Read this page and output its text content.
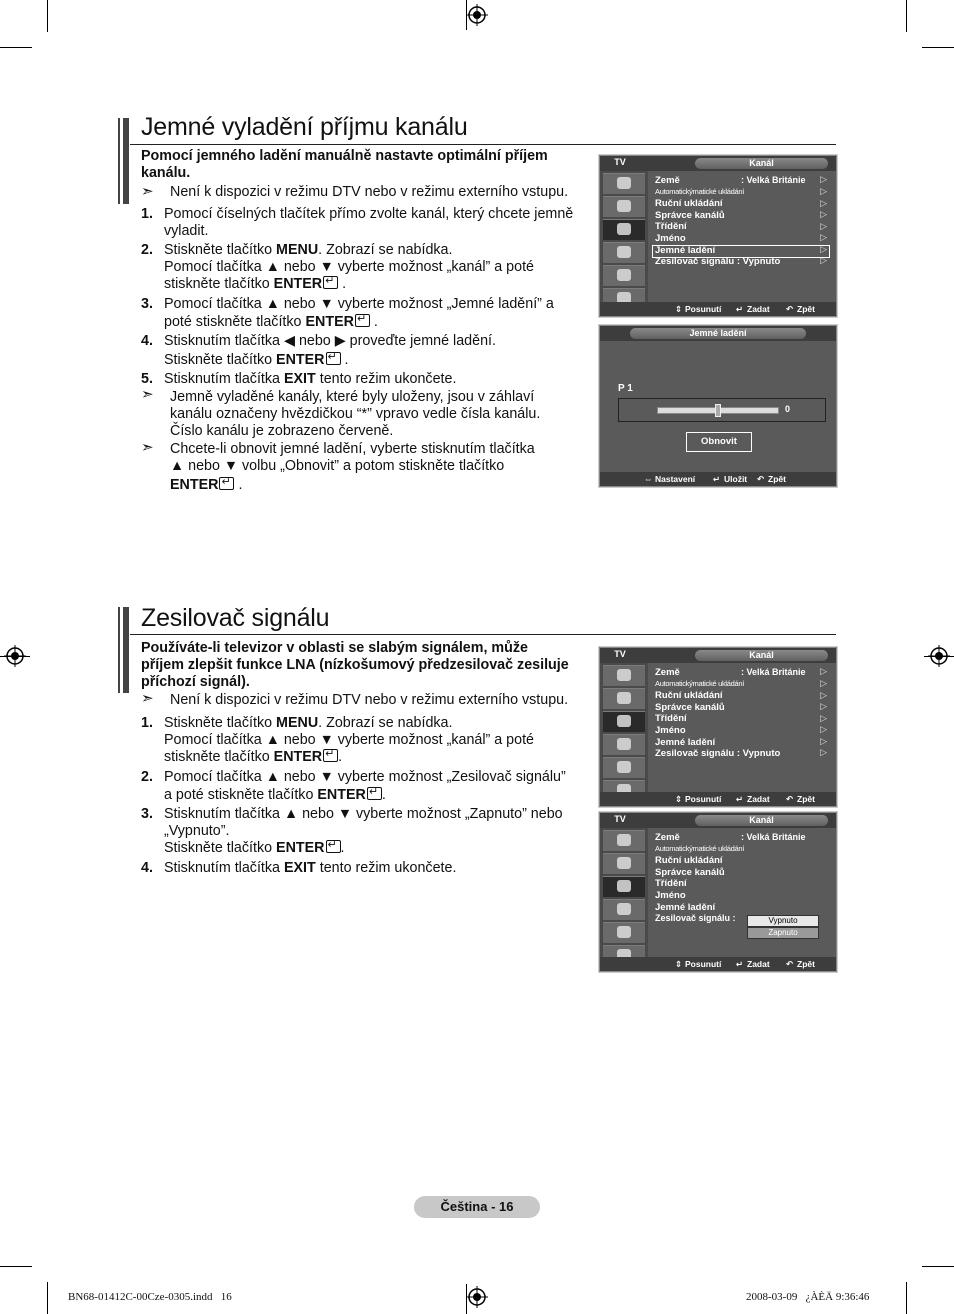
Jemné vyladění příjmu kanálu
Pomocí jemného ladění manuálně nastavte optimální příjem kanálu.
➣	Není k dispozici v režimu DTV nebo v režimu externího vstupu.
1. Pomocí číselných tlačítek přímo zvolte kanál, který chcete jemně
vyladit.
2. Stiskněte tlačítko MENU. Zobrazí se nabídka.
Pomocí tlačítka ▲ nebo ▼ vyberte možnost „kanál” a poté
stiskněte tlačítko ENTER↵ .
3. Pomocí tlačítka ▲ nebo ▼ vyberte možnost „Jemné ladění” a
poté stiskněte tlačítko ENTER↵ .
4. Stisknutím tlačítka ◀ nebo ▶ proveďte jemné ladění.
Stiskněte tlačítko ENTER↵ .
5. Stisknutím tlačítka EXIT tento režim ukončete.
➣	Jemně vyladěné kanály, které byly uloženy, jsou v záhlaví
kanálu označeny hvězdičkou “*” vpravo vedle čísla kanálu.
Číslo kanálu je zobrazeno červeně.
➣	Chcete-li obnovit jemné ladění, vyberte stisknutím tlačítka
▲ nebo ▼ volbu „Obnovit” a potom stiskněte tlačítko
ENTER↵ .
TV	Kanál
Země	: Velká Británie
Automatickýmatické ukládání
Ruční ukládání
Správce kanálů
Třídění
Jméno
Jemné ladění
Zesilovač signálu : Vypnuto
▷
▷
▷
▷
▷
▷
▷
▷
⇕ Posunutí ↵ Zadat ↶ Zpět
Jemné ladění
P 1
0
Obnovit
⇔ Nastavení ↵ Uložit ↶ Zpět
Zesilovač signálu
Používáte-li televizor v oblasti se slabým signálem, může
příjem zlepšit funkce LNA (nízkošumový předzesilovač zesiluje
příchozí signál).
➣	Není k dispozici v režimu DTV nebo v režimu externího vstupu.
1. Stiskněte tlačítko MENU. Zobrazí se nabídka.
Pomocí tlačítka ▲ nebo ▼ vyberte možnost „kanál” a poté
stiskněte tlačítko ENTER ↵ .
2. Pomocí tlačítka ▲ nebo ▼ vyberte možnost „Zesilovač signálu”
a poté stiskněte tlačítko ENTER ↵ .
3. Stisknutím tlačítka ▲ nebo ▼ vyberte možnost „Zapnuto” nebo
„Vypnuto”.
Stiskněte tlačítko ENTER ↵ .
4. Stisknutím tlačítka EXIT tento režim ukončete.
TV	Kanál
Země	: Velká Británie
Automatickýmatické ukládání
Ruční ukládání
Správce kanálů
Třídění
Jméno
Jemné ladění
Zesilovač signálu : Vypnuto
▷
▷
▷
▷
▷
▷
▷
▷
⇕ Posunutí ↵ Zadat ↶ Zpět
TV	Kanál
Země	: Velká Británie
Automatickýmatické ukládání
Ruční ukládání
Správce kanálů
Třídění
Jméno
Jemné ladění
Zesilovač signálu :	Vypnuto
Zapnuto
⇕ Posunutí ↵ Zadat ↶ Zpět
Čeština - 16
BN68-01412C-00Cze-0305.indd   16	2008-03-09   ¿ÀÈÄ 9:36:46
